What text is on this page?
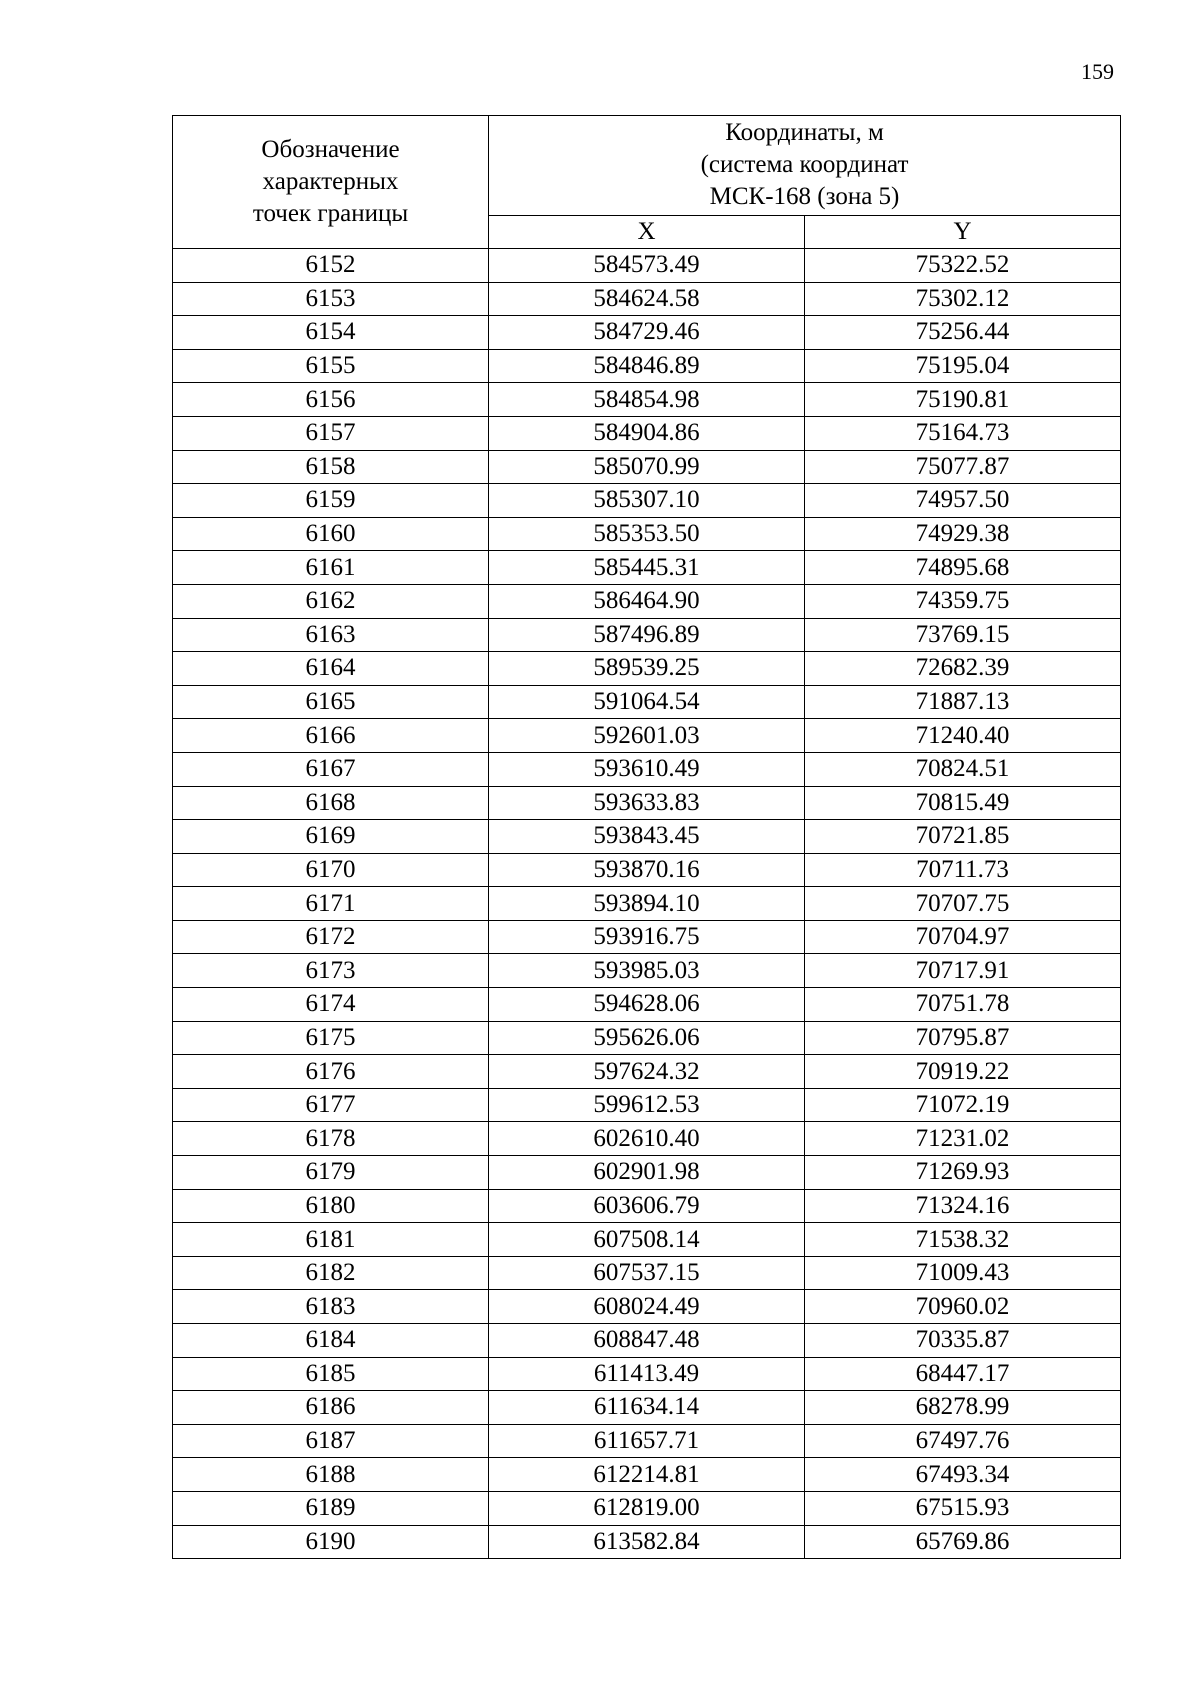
159
Обозначение
характерных
точек границы	Координаты, м
(система координат
МСК-168 (зона 5)	

	X	Y
6152	584573.49	75322.52
6153	584624.58	75302.12
6154	584729.46	75256.44
6155	584846.89	75195.04
6156	584854.98	75190.81
6157	584904.86	75164.73
6158	585070.99	75077.87
6159	585307.10	74957.50
6160	585353.50	74929.38
6161	585445.31	74895.68
6162	586464.90	74359.75
6163	587496.89	73769.15
6164	589539.25	72682.39
6165	591064.54	71887.13
6166	592601.03	71240.40
6167	593610.49	70824.51
6168	593633.83	70815.49
6169	593843.45	70721.85
6170	593870.16	70711.73
6171	593894.10	70707.75
6172	593916.75	70704.97
6173	593985.03	70717.91
6174	594628.06	70751.78
6175	595626.06	70795.87
6176	597624.32	70919.22
6177	599612.53	71072.19
6178	602610.40	71231.02
6179	602901.98	71269.93
6180	603606.79	71324.16
6181	607508.14	71538.32
6182	607537.15	71009.43
6183	608024.49	70960.02
6184	608847.48	70335.87
6185	611413.49	68447.17
6186	611634.14	68278.99
6187	611657.71	67497.76
6188	612214.81	67493.34
6189	612819.00	67515.93
6190	613582.84	65769.86
